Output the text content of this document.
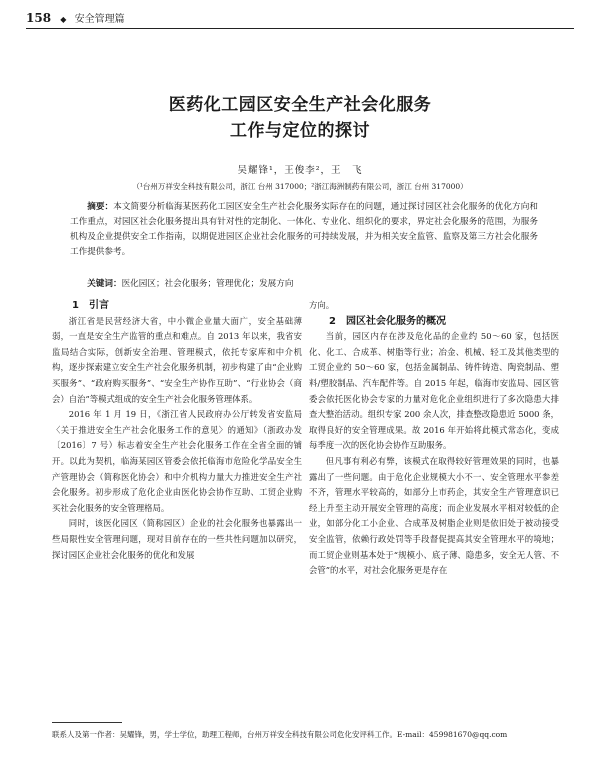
158 ◆ 安全管理篇
医药化工园区安全生产社会化服务
工作与定位的探讨
吴耀锋¹，王俊李²，王　飞
（¹台州万祥安全科技有限公司，浙江 台州 317000；²浙江海洲制药有限公司，浙江 台州 317000）
摘要：本文简要分析临海某医药化工园区安全生产社会化服务实际存在的问题，通过探讨园区社会化服务的优化方向和工作重点，对园区社会化服务提出具有针对性的定制化、一体化、专业化、组织化的要求，界定社会化服务的范围，为服务机构及企业提供安全工作指南，以期促进园区企业社会化服务的可持续发展，并为相关安全监管、监察及第三方社会化服务工作提供参考。
关键词：医化园区；社会化服务；管理优化；发展方向

1　引言

浙江省是民营经济大省，中小微企业量大面广，安全基础薄弱，一直是安全生产监管的重点和难点。自 2013 年以来，我省安监局结合实际，创新安全治理、管理模式，依托专家库和中介机构，逐步探索建立安全生产社会化服务机制，初步构建了由“企业购买服务”、“政府购买服务”、“安全生产协作互助”、“行业协会（商会）自治”等模式组成的安全生产社会化服务管理体系。

2016 年 1 月 19 日，《浙江省人民政府办公厅转发省安监局〈关于推进安全生产社会化服务工作的意见〉的通知》（浙政办发〔2016〕7 号）标志着安全生产社会化服务工作在全省全面的铺开。以此为契机，临海某园区管委会依托临海市危险化学品安全生产管理协会（简称医化协会）和中介机构力量大力推进安全生产社会化服务。初步形成了危化企业由医化协会协作互助、工贸企业购买社会化服务的安全管理格局。

同时，该医化园区（简称园区）企业的社会化服务也暴露出一些局限性安全管理问题，现对目前存在的一些共性问题加以研究，探讨园区企业社会化服务的优化和发展

方向。

2　园区社会化服务的概况

当前，园区内存在涉及危化品的企业约 50～60 家，包括医化、化工、合成革、树脂等行业；冶金、机械、轻工及其他类型的工贸企业约 50～60 家，包括金属制品、铸件铸造、陶瓷制品、塑料/塑胶制品、汽车配件等。自 2015 年起，临海市安监局、园区管委会依托医化协会专家的力量对危化企业组织进行了多次隐患大排查大整治活动。组织专家 200 余人次，排查整改隐患近 5000 条，取得良好的安全管理成果。故 2016 年开始将此模式常态化，变成每季度一次的医化协会协作互助服务。

但凡事有利必有弊，该模式在取得较好管理效果的同时，也暴露出了一些问题。由于危化企业规模大小不一、安全管理水平参差不齐，管理水平较高的，如部分上市药企，其安全生产管理意识已经上升至主动开展安全管理的高度；而企业发展水平相对较低的企业，如部分化工小企业、合成革及树脂企业则是依旧处于被动接受安全监管，依赖行政处罚等手段督促提高其安全管理水平的境地；而工贸企业则基本处于“规模小、底子薄、隐患多，安全无人管、不会管”的水平，对社会化服务更是存在

联系人及第一作者：吴耀锋，男，学士学位，助理工程师，台州万祥安全科技有限公司危化安评科工作。E-mail：459981670@qq.com
